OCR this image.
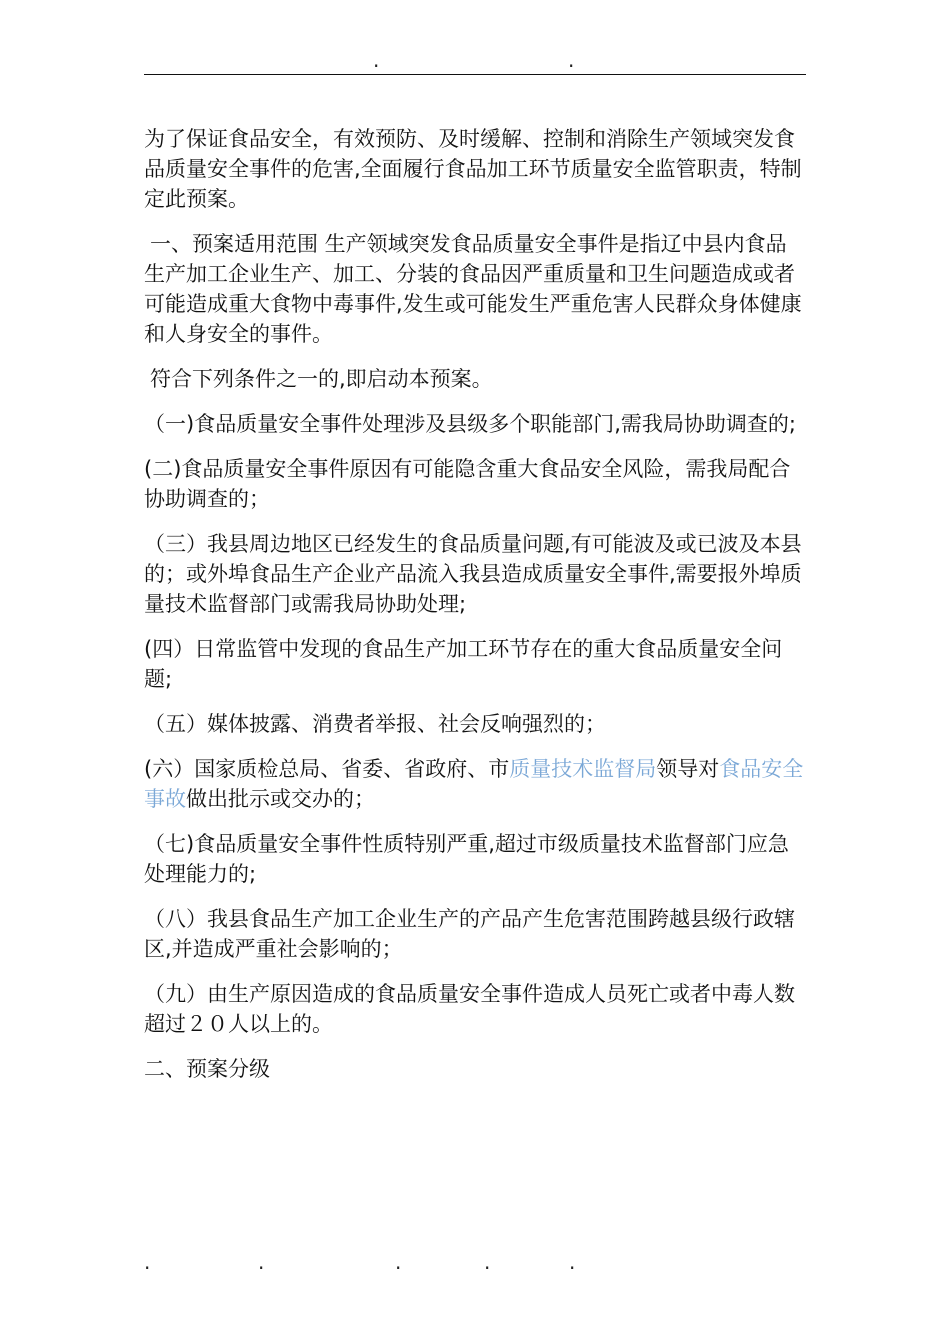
.	.

为了保证食品安全，有效预防、及时缓解、控制和消除生产领域突发食品质量安全事件的危害,全面履行食品加工环节质量安全监管职责，特制定此预案。

一、预案适用范围 生产领域突发食品质量安全事件是指辽中县内食品生产加工企业生产、加工、分装的食品因严重质量和卫生问题造成或者可能造成重大食物中毒事件,发生或可能发生严重危害人民群众身体健康和人身安全的事件。

符合下列条件之一的,即启动本预案。

（一)食品质量安全事件处理涉及县级多个职能部门,需我局协助调查的;

(二)食品质量安全事件原因有可能隐含重大食品安全风险，需我局配合协助调查的；

（三）我县周边地区已经发生的食品质量问题,有可能波及或已波及本县的；或外埠食品生产企业产品流入我县造成质量安全事件,需要报外埠质量技术监督部门或需我局协助处理;

(四）日常监管中发现的食品生产加工环节存在的重大食品质量安全问题;

（五）媒体披露、消费者举报、社会反响强烈的；

(六）国家质检总局、省委、省政府、市质量技术监督局领导对食品安全事故做出批示或交办的；

（七)食品质量安全事件性质特别严重,超过市级质量技术监督部门应急处理能力的;

（八）我县食品生产加工企业生产的产品产生危害范围跨越县级行政辖区,并造成严重社会影响的；

（九）由生产原因造成的食品质量安全事件造成人员死亡或者中毒人数超过２０人以上的。

二、预案分级

.	.	.	.	.
